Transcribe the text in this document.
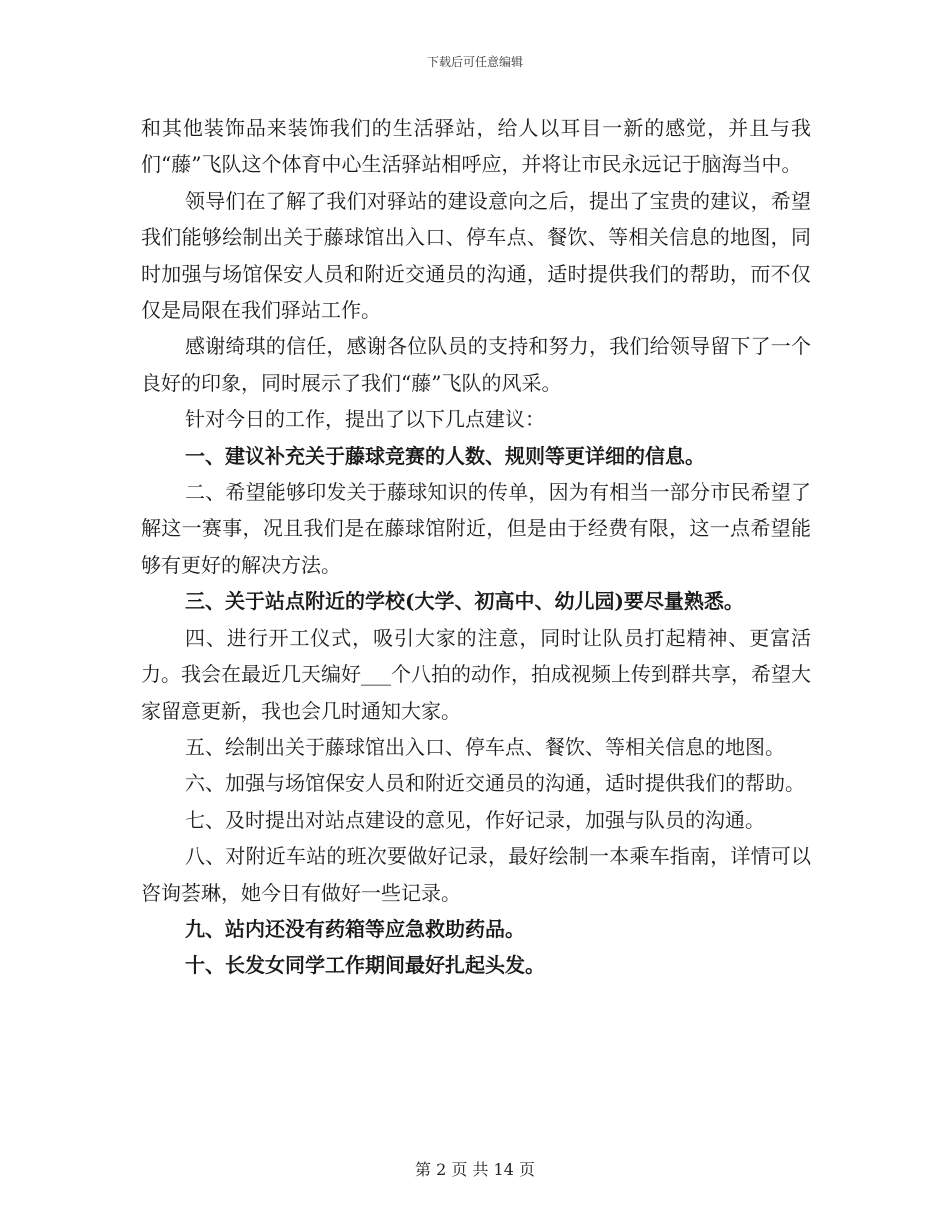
下载后可任意编辑

和其他装饰品来装饰我们的生活驿站，给人以耳目一新的感觉，并且与我们“藤”飞队这个体育中心生活驿站相呼应，并将让市民永远记于脑海当中。

领导们在了解了我们对驿站的建设意向之后，提出了宝贵的建议，希望我们能够绘制出关于藤球馆出入口、停车点、餐饮、等相关信息的地图，同时加强与场馆保安人员和附近交通员的沟通，适时提供我们的帮助，而不仅仅是局限在我们驿站工作。

感谢绮琪的信任，感谢各位队员的支持和努力，我们给领导留下了一个良好的印象，同时展示了我们“藤”飞队的风采。

针对今日的工作，提出了以下几点建议：

一、建议补充关于藤球竞赛的人数、规则等更详细的信息。

二、希望能够印发关于藤球知识的传单，因为有相当一部分市民希望了解这一赛事，况且我们是在藤球馆附近，但是由于经费有限，这一点希望能够有更好的解决方法。

三、关于站点附近的学校(大学、初高中、幼儿园)要尽量熟悉。

四、进行开工仪式，吸引大家的注意，同时让队员打起精神、更富活力。我会在最近几天编好___个八拍的动作，拍成视频上传到群共享，希望大家留意更新，我也会几时通知大家。

五、绘制出关于藤球馆出入口、停车点、餐饮、等相关信息的地图。

六、加强与场馆保安人员和附近交通员的沟通，适时提供我们的帮助。

七、及时提出对站点建设的意见，作好记录，加强与队员的沟通。

八、对附近车站的班次要做好记录，最好绘制一本乘车指南，详情可以咨询荟琳，她今日有做好一些记录。

九、站内还没有药箱等应急救助药品。

十、长发女同学工作期间最好扎起头发。

第 2 页 共 14 页
